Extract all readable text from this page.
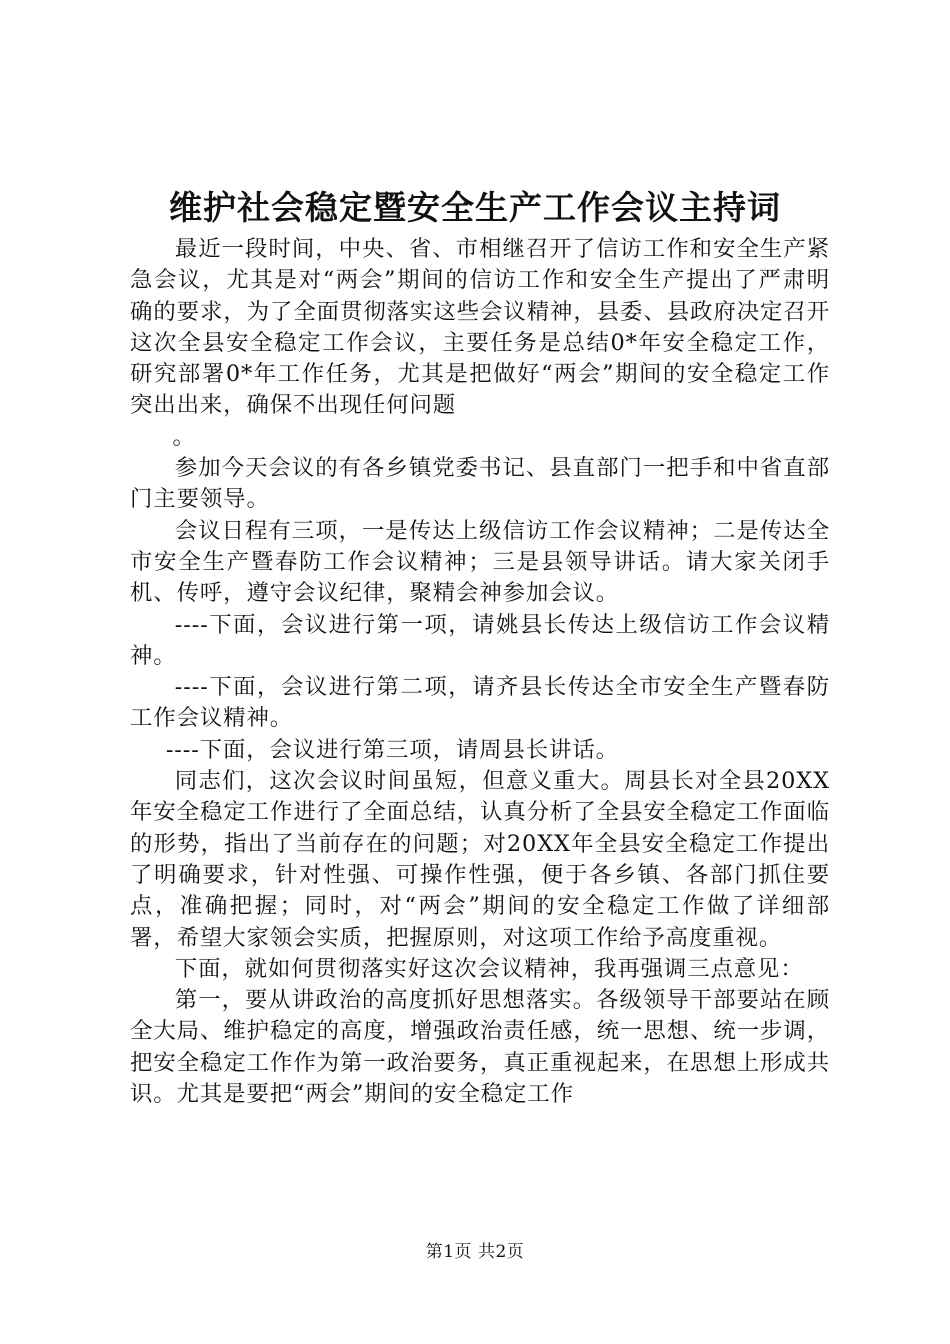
维护社会稳定暨安全生产工作会议主持词

最近一段时间，中央、省、市相继召开了信访工作和安全生产紧急会议，尤其是对“两会”期间的信访工作和安全生产提出了严肃明确的要求，为了全面贯彻落实这些会议精神，县委、县政府决定召开这次全县安全稳定工作会议，主要任务是总结0*年安全稳定工作，研究部署0*年工作任务，尤其是把做好“两会”期间的安全稳定工作突出出来，确保不出现任何问题

。

参加今天会议的有各乡镇党委书记、县直部门一把手和中省直部门主要领导。

会议日程有三项，一是传达上级信访工作会议精神；二是传达全市安全生产暨春防工作会议精神；三是县领导讲话。请大家关闭手机、传呼，遵守会议纪律，聚精会神参加会议。

----下面，会议进行第一项，请姚县长传达上级信访工作会议精神。

----下面，会议进行第二项，请齐县长传达全市安全生产暨春防工作会议精神。

----下面，会议进行第三项，请周县长讲话。

同志们，这次会议时间虽短，但意义重大。周县长对全县20XX年安全稳定工作进行了全面总结，认真分析了全县安全稳定工作面临的形势，指出了当前存在的问题；对20XX年全县安全稳定工作提出了明确要求，针对性强、可操作性强，便于各乡镇、各部门抓住要点，准确把握；同时，对“两会”期间的安全稳定工作做了详细部署，希望大家领会实质，把握原则，对这项工作给予高度重视。

下面，就如何贯彻落实好这次会议精神，我再强调三点意见：

第一，要从讲政治的高度抓好思想落实。各级领导干部要站在顾全大局、维护稳定的高度，增强政治责任感，统一思想、统一步调，把安全稳定工作作为第一政治要务，真正重视起来，在思想上形成共识。尤其是要把“两会”期间的安全稳定工作

第1页 共2页
